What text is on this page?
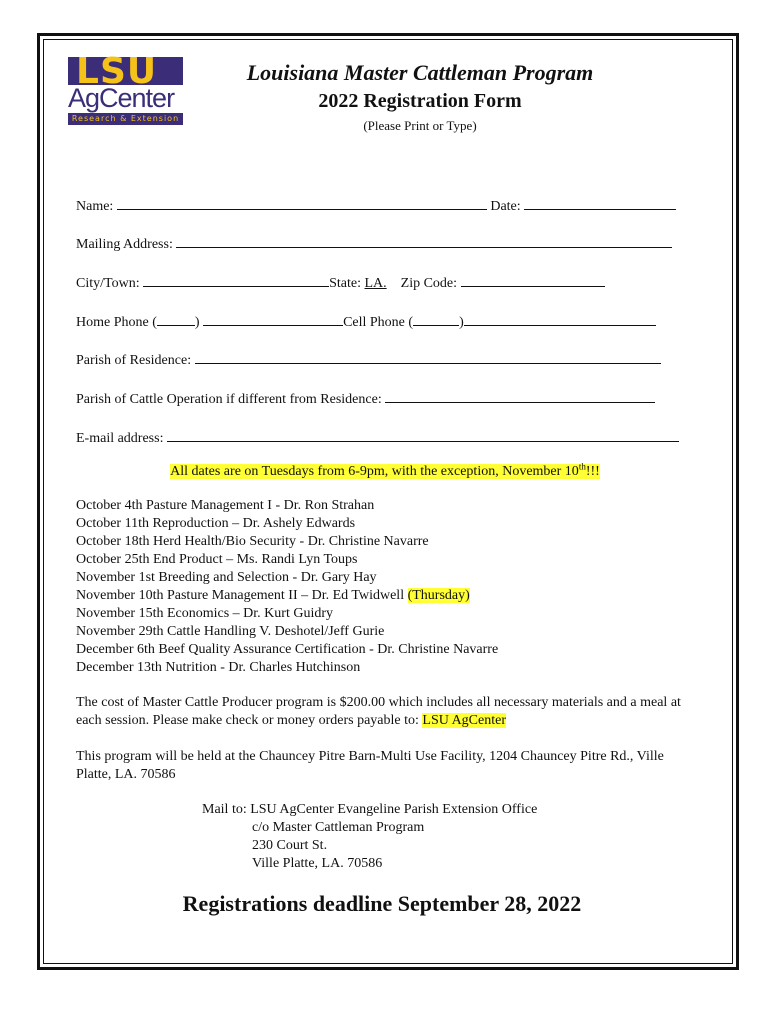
LSU
AgCenter
Research & Extension
Louisiana Master Cattleman Program
2022 Registration Form
(Please Print or Type)
Name:	Date:
Mailing Address:
City/Town:	State: LA. Zip Code:
Home Phone (	)	Cell Phone (	)
Parish of Residence:
Parish of Cattle Operation if different from Residence:
E-mail address:
All dates are on Tuesdays from 6-9pm, with the exception, November 10th!!!
October 4th Pasture Management I - Dr. Ron Strahan
October 11th Reproduction – Dr. Ashely Edwards
October 18th Herd Health/Bio Security - Dr. Christine Navarre
October 25th End Product – Ms. Randi Lyn Toups
November 1st Breeding and Selection - Dr. Gary Hay
November 10th Pasture Management II – Dr. Ed Twidwell (Thursday)
November 15th Economics – Dr. Kurt Guidry
November 29th Cattle Handling V. Deshotel/Jeff Gurie
December 6th Beef Quality Assurance Certification - Dr. Christine Navarre
December 13th Nutrition - Dr. Charles Hutchinson
The cost of Master Cattle Producer program is $200.00 which includes all necessary materials and a meal at each session. Please make check or money orders payable to: LSU AgCenter
This program will be held at the Chauncey Pitre Barn-Multi Use Facility, 1204 Chauncey Pitre Rd., Ville Platte, LA. 70586
Mail to: LSU AgCenter Evangeline Parish Extension Office
c/o Master Cattleman Program
230 Court St.
Ville Platte, LA. 70586
Registrations deadline September 28, 2022
